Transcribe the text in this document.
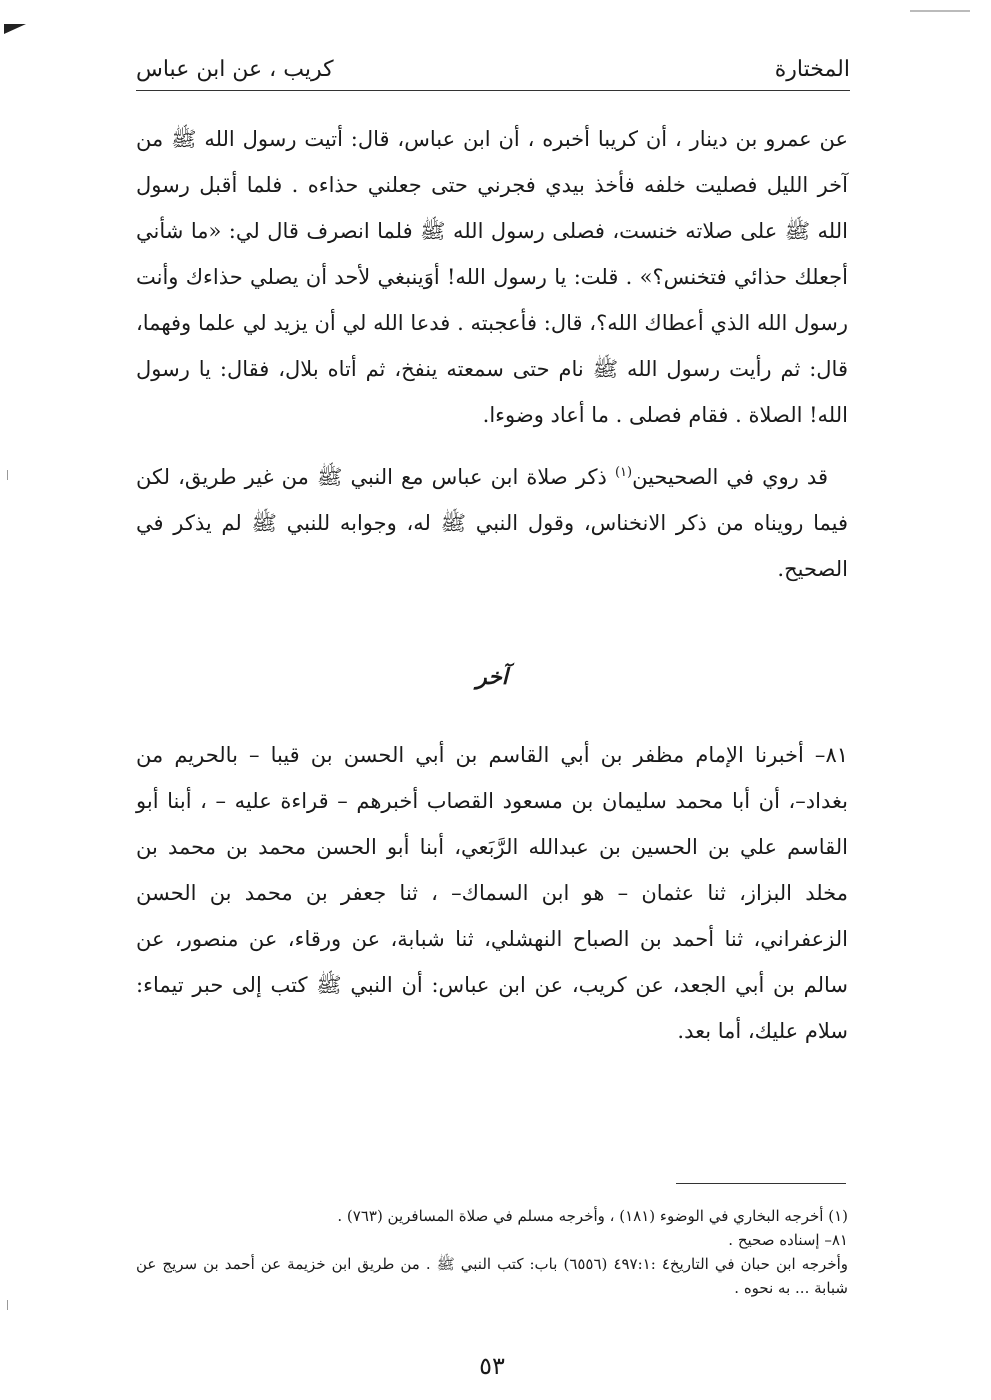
المختارة
كريب ، عن ابن عباس

عن عمرو بن دينار ، أن كريبا أخبره ، أن ابن عباس، قال: أتيت رسول الله ﷺ من آخر الليل فصليت خلفه فأخذ بيدي فجرني حتى جعلني حذاءه . فلما أقبل رسول الله ﷺ على صلاته خنست، فصلى رسول الله ﷺ فلما انصرف قال لي: «ما شأني أجعلك حذائي فتخنس؟» . قلت: يا رسول الله! أوَينبغي لأحد أن يصلي حذاءك وأنت رسول الله الذي أعطاك الله؟، قال: فأعجبته . فدعا الله لي أن يزيد لي علما وفهما، قال: ثم رأيت رسول الله ﷺ نام حتى سمعته ينفخ، ثم أتاه بلال، فقال: يا رسول الله! الصلاة . فقام فصلى . ما أعاد وضوءا.

قد روي في الصحيحين$^{(١)}$ ذكر صلاة ابن عباس مع النبي ﷺ من غير طريق، لكن فيما رويناه من ذكر الانخناس، وقول النبي ﷺ له، وجوابه للنبي ﷺ لم يذكر في الصحيح.

آخر

٨١– أخبرنا الإمام مظفر بن أبي القاسم بن أبي الحسن بن قيبا – بالحريم من بغداد–، أن أبا محمد سليمان بن مسعود القصاب أخبرهم – قراءة عليه – ، أبنا أبو القاسم علي بن الحسين بن عبدالله الرَّبَعي، أبنا أبو الحسن محمد بن محمد بن مخلد البزاز، ثنا عثمان – هو ابن السماك– ، ثنا جعفر بن محمد بن الحسن الزعفراني، ثنا أحمد بن الصباح النهشلي، ثنا شبابة، عن ورقاء، عن منصور، عن سالم بن أبي الجعد، عن كريب، عن ابن عباس: أن النبي ﷺ كتب إلى حبر تيماء: سلام عليك، أما بعد.

(١) أخرجه البخاري في الوضوء (١٨١) ، وأخرجه مسلم في صلاة المسافرين (٧٦٣) .

٨١– إسناده صحيح .

وأخرجه ابن حبان في التاريخ٤ :٤٩٧:١ (٦٥٥٦) باب: كتب النبي ﷺ . من طريق ابن خزيمة عن أحمد بن سريج عن شبابة ... به نحوه .

٥٣
